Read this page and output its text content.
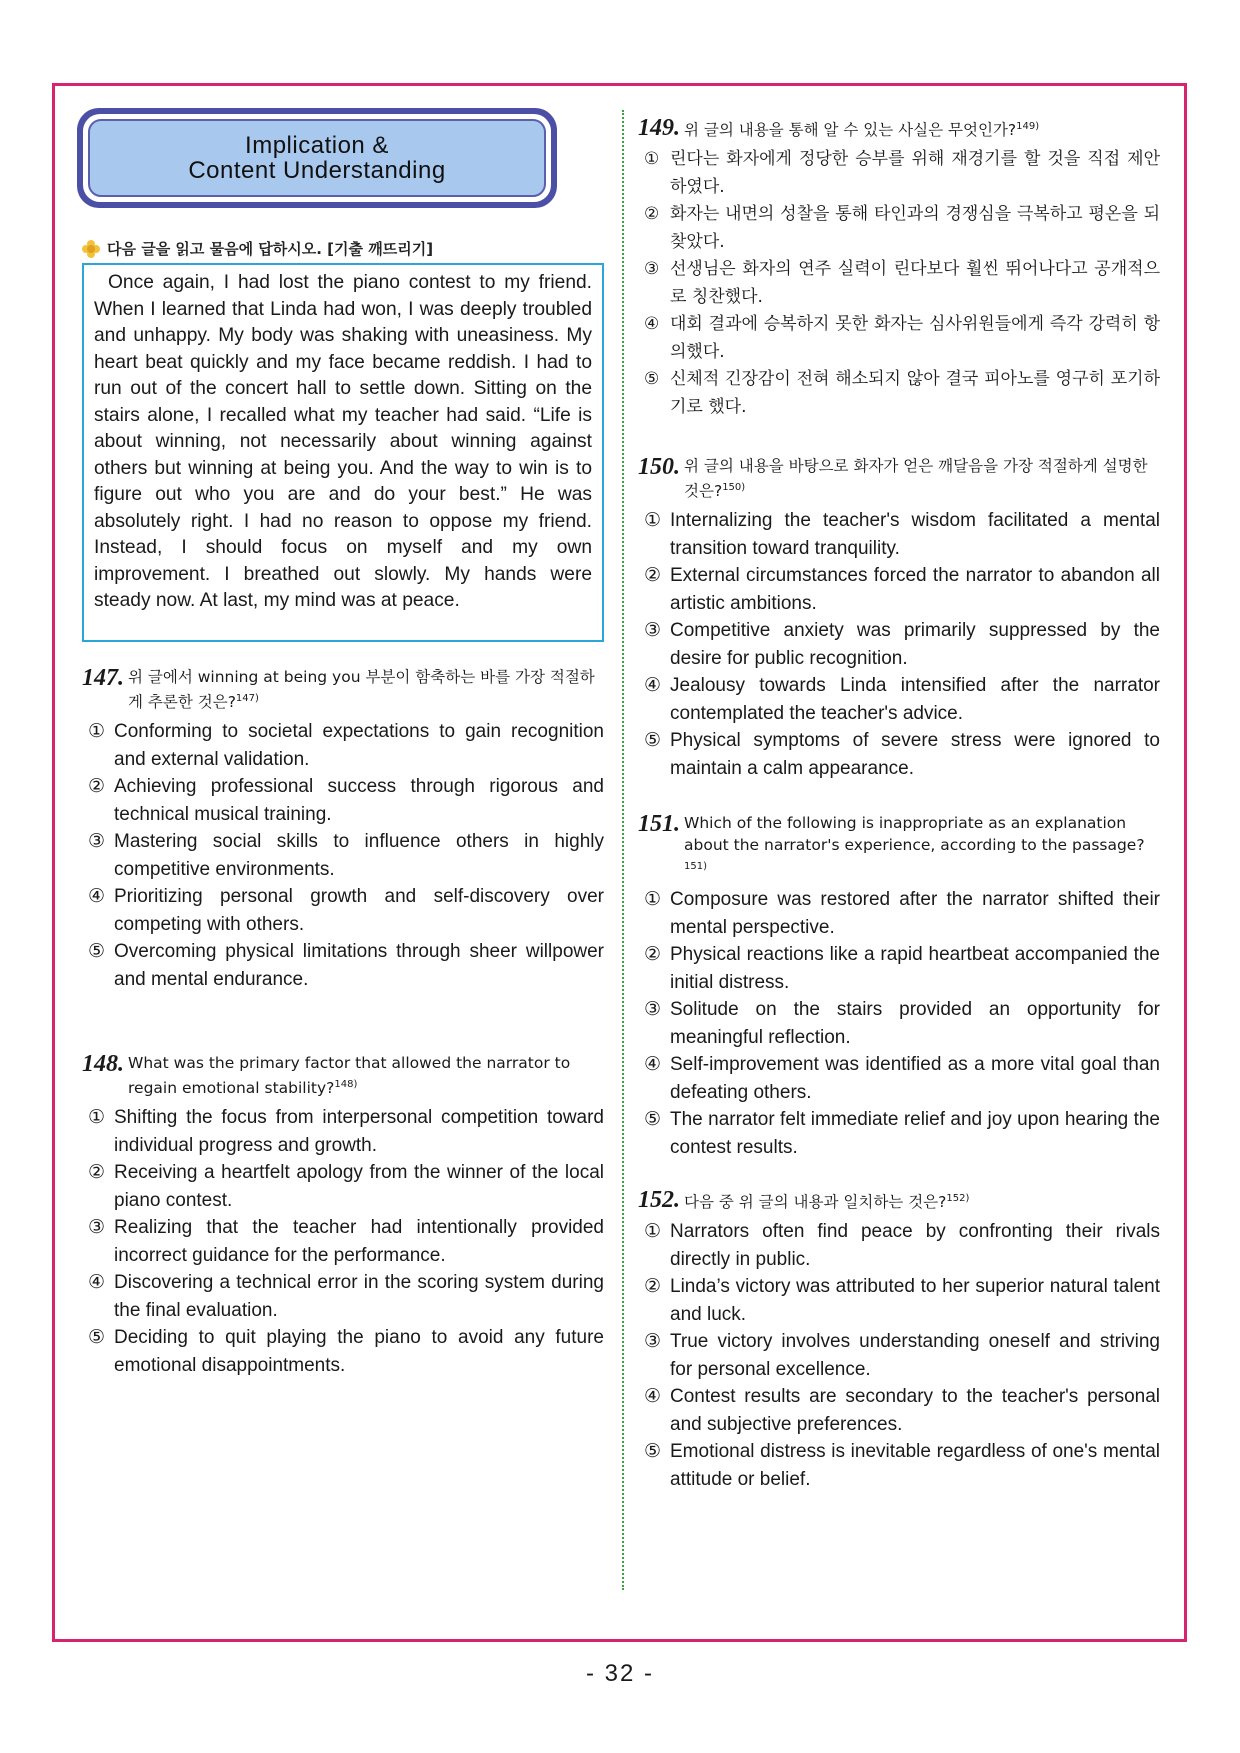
Implication &
Content Understanding
다음 글을 읽고 물음에 답하시오. [기출 깨뜨리기]
Once again, I had lost the piano contest to my friend. When I learned that Linda had won, I was deeply troubled and unhappy. My body was shaking with uneasiness. My heart beat quickly and my face became reddish. I had to run out of the concert hall to settle down. Sitting on the stairs alone, I recalled what my teacher had said. “Life is about winning, not necessarily about winning against others but winning at being you. And the way to win is to figure out who you are and do your best.” He was absolutely right. I had no reason to oppose my friend. Instead, I should focus on myself and my own improvement. I breathed out slowly. My hands were steady now. At last, my mind was at peace.
147. 위 글에서 winning at being you 부분이 함축하는 바를 가장 적절하게 추론한 것은?$^{147)}$
① Conforming to societal expectations to gain recognition and external validation.
② Achieving professional success through rigorous and technical musical training.
③ Mastering social skills to influence others in highly competitive environments.
④ Prioritizing personal growth and self-discovery over competing with others.
⑤ Overcoming physical limitations through sheer willpower and mental endurance.
148. What was the primary factor that allowed the narrator to regain emotional stability?$^{148)}$
① Shifting the focus from interpersonal competition toward individual progress and growth.
② Receiving a heartfelt apology from the winner of the local piano contest.
③ Realizing that the teacher had intentionally provided incorrect guidance for the performance.
④ Discovering a technical error in the scoring system during the final evaluation.
⑤ Deciding to quit playing the piano to avoid any future emotional disappointments.
149. 위 글의 내용을 통해 알 수 있는 사실은 무엇인가?$^{149)}$
① 린다는 화자에게 정당한 승부를 위해 재경기를 할 것을 직접 제안하였다.
② 화자는 내면의 성찰을 통해 타인과의 경쟁심을 극복하고 평온을 되찾았다.
③ 선생님은 화자의 연주 실력이 린다보다 훨씬 뛰어나다고 공개적으로 칭찬했다.
④ 대회 결과에 승복하지 못한 화자는 심사위원들에게 즉각 강력히 항의했다.
⑤ 신체적 긴장감이 전혀 해소되지 않아 결국 피아노를 영구히 포기하기로 했다.
150. 위 글의 내용을 바탕으로 화자가 얻은 깨달음을 가장 적절하게 설명한 것은?$^{150)}$
① Internalizing the teacher's wisdom facilitated a mental transition toward tranquility.
② External circumstances forced the narrator to abandon all artistic ambitions.
③ Competitive anxiety was primarily suppressed by the desire for public recognition.
④ Jealousy towards Linda intensified after the narrator contemplated the teacher's advice.
⑤ Physical symptoms of severe stress were ignored to maintain a calm appearance.
151. Which of the following is inappropriate as an explanation about the narrator's experience, according to the passage?$^{151)}$
① Composure was restored after the narrator shifted their mental perspective.
② Physical reactions like a rapid heartbeat accompanied the initial distress.
③ Solitude on the stairs provided an opportunity for meaningful reflection.
④ Self-improvement was identified as a more vital goal than defeating others.
⑤ The narrator felt immediate relief and joy upon hearing the contest results.
152. 다음 중 위 글의 내용과 일치하는 것은?$^{152)}$
① Narrators often find peace by confronting their rivals directly in public.
② Linda’s victory was attributed to her superior natural talent and luck.
③ True victory involves understanding oneself and striving for personal excellence.
④ Contest results are secondary to the teacher's personal and subjective preferences.
⑤ Emotional distress is inevitable regardless of one's mental attitude or belief.
- 32 -
